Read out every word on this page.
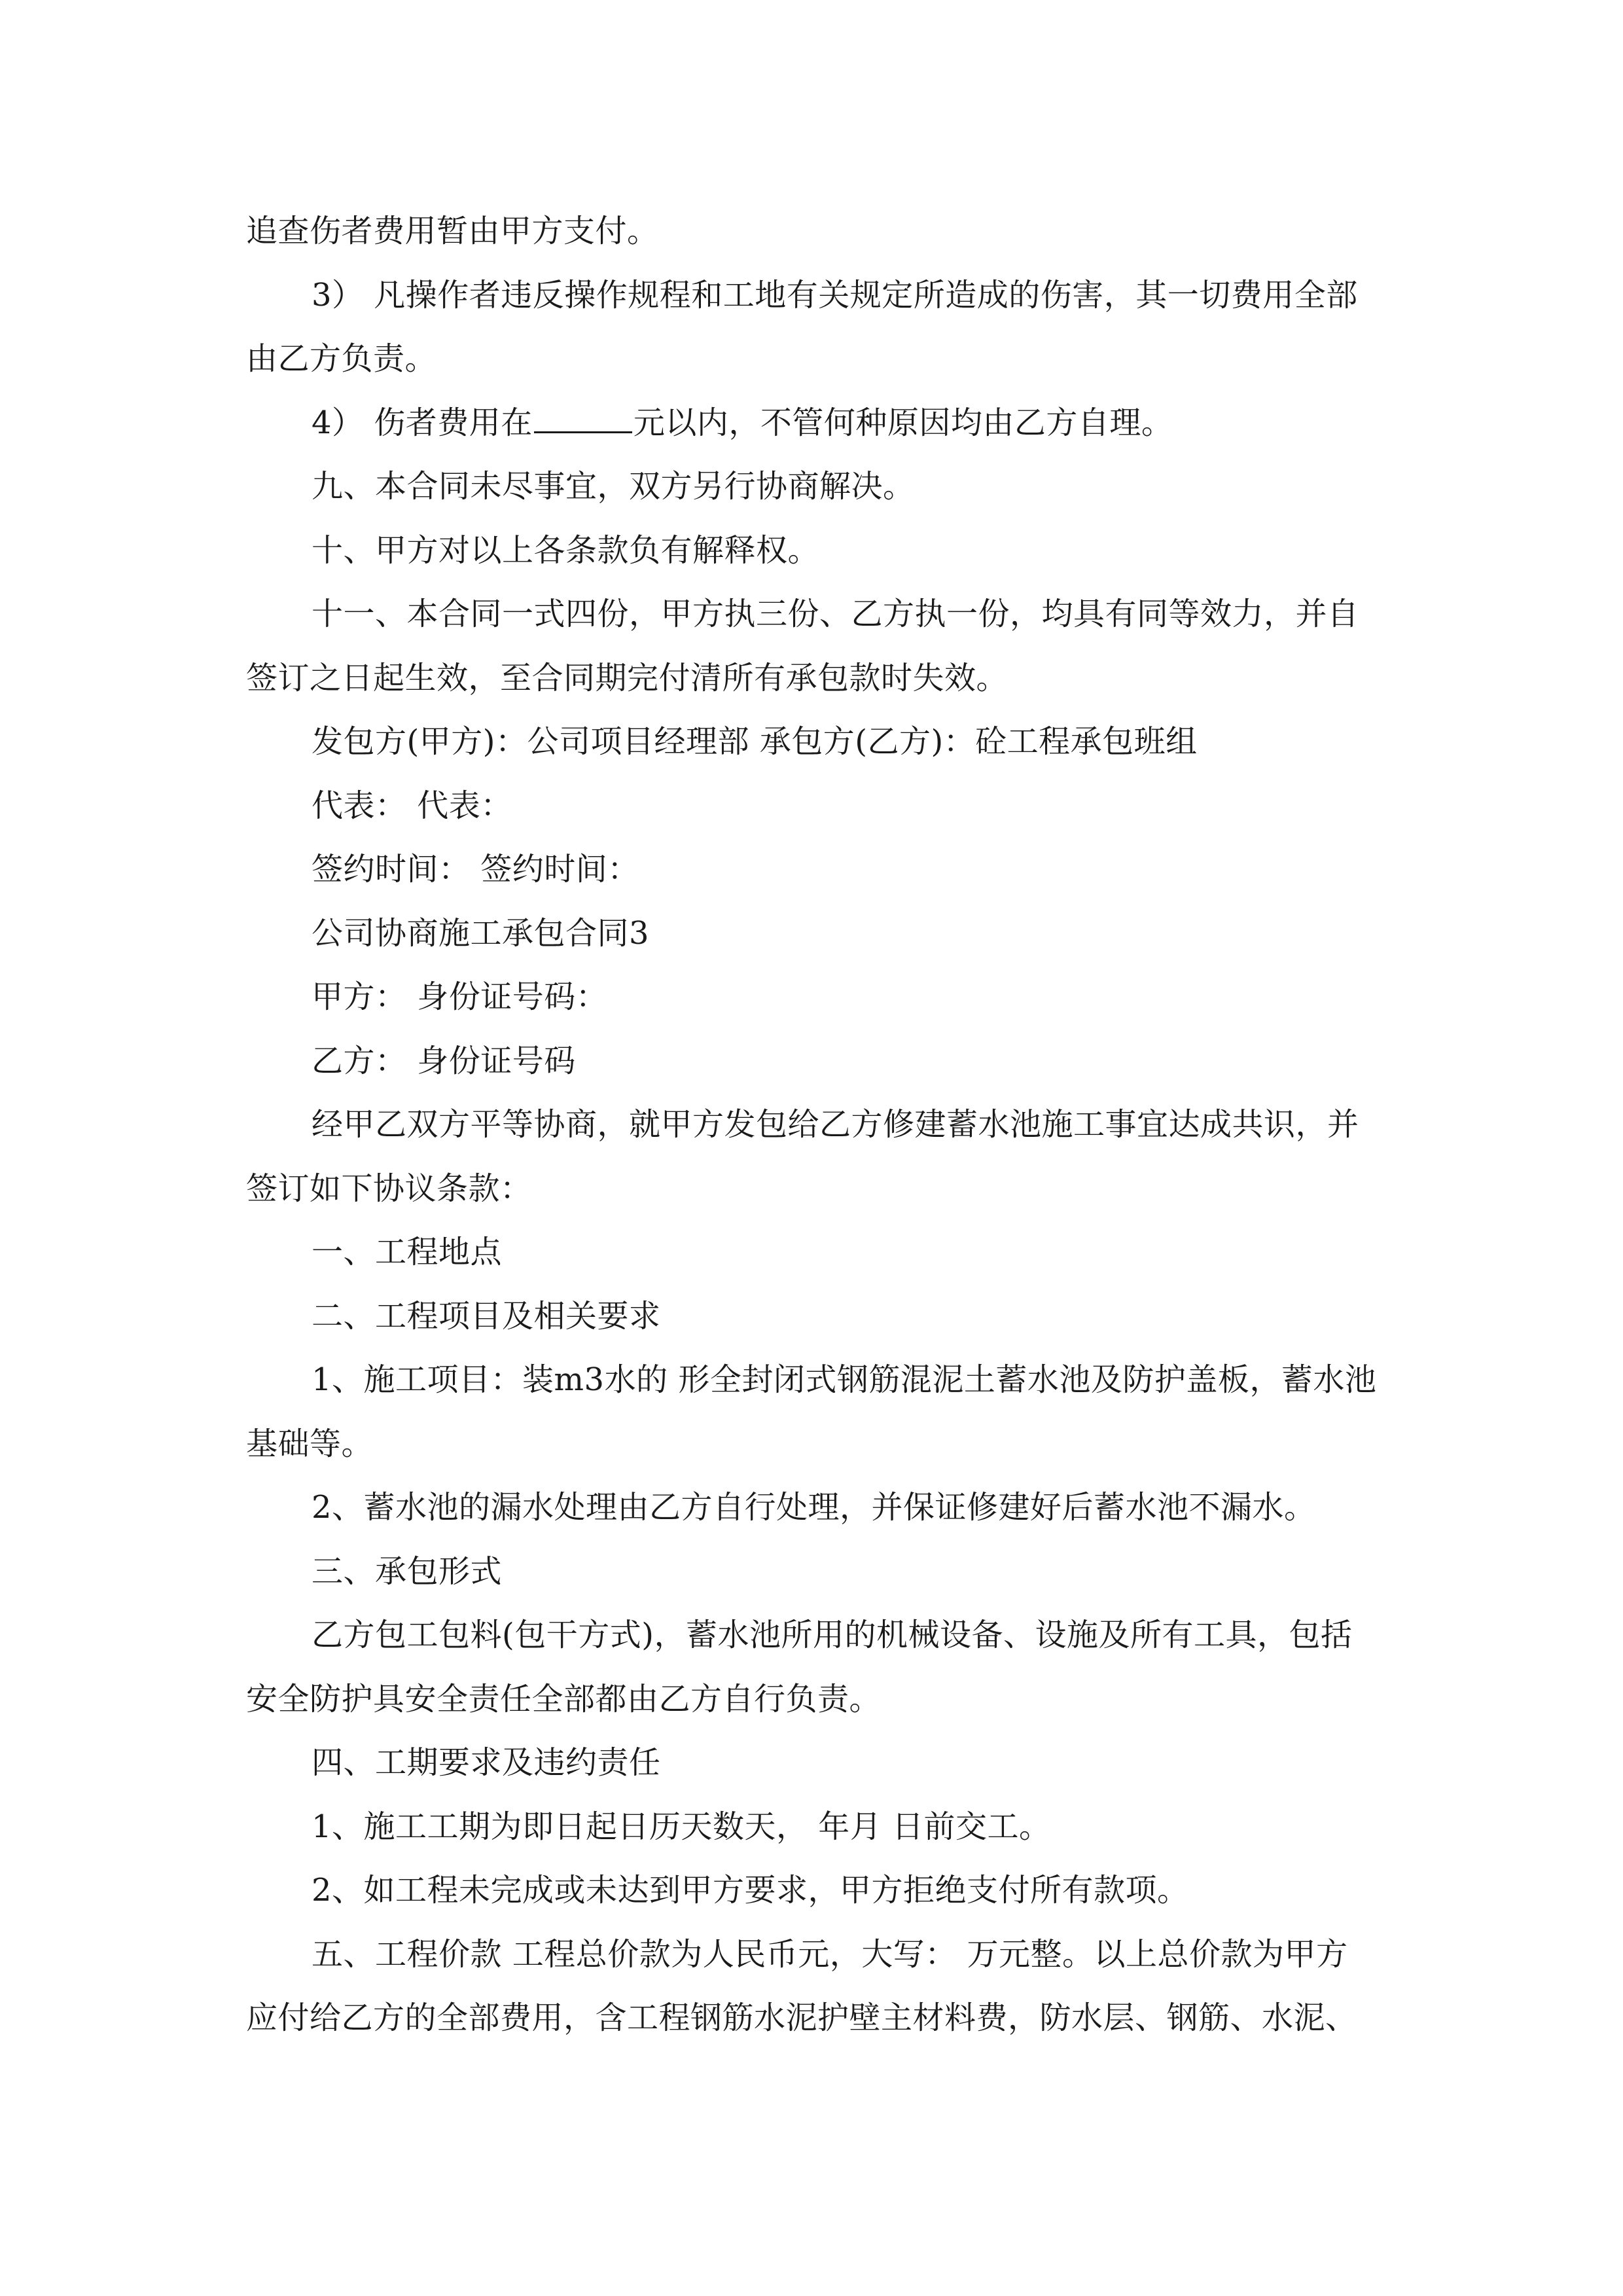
追查伤者费用暂由甲方支付。

3） 凡操作者违反操作规程和工地有关规定所造成的伤害，其一切费用全部由乙方负责。

4） 伤者费用在	元以内，不管何种原因均由乙方自理。

九、本合同未尽事宜，双方另行协商解决。

十、甲方对以上各条款负有解释权。

十一、本合同一式四份，甲方执三份、乙方执一份，均具有同等效力，并自签订之日起生效，至合同期完付清所有承包款时失效。

发包方(甲方)：公司项目经理部 承包方(乙方)：砼工程承包班组

代表： 代表：

签约时间： 签约时间：

公司协商施工承包合同3

甲方： 身份证号码：

乙方： 身份证号码

经甲乙双方平等协商，就甲方发包给乙方修建蓄水池施工事宜达成共识，并签订如下协议条款：

一、工程地点

二、工程项目及相关要求

1、施工项目：装m3水的 形全封闭式钢筋混泥土蓄水池及防护盖板，蓄水池基础等。

2、蓄水池的漏水处理由乙方自行处理，并保证修建好后蓄水池不漏水。

三、承包形式

乙方包工包料(包干方式)，蓄水池所用的机械设备、设施及所有工具，包括安全防护具安全责任全部都由乙方自行负责。

四、工期要求及违约责任

1、施工工期为即日起日历天数天， 年月 日前交工。

2、如工程未完成或未达到甲方要求，甲方拒绝支付所有款项。

五、工程价款 工程总价款为人民币元，大写： 万元整。以上总价款为甲方应付给乙方的全部费用，含工程钢筋水泥护壁主材料费，防水层、钢筋、水泥、
